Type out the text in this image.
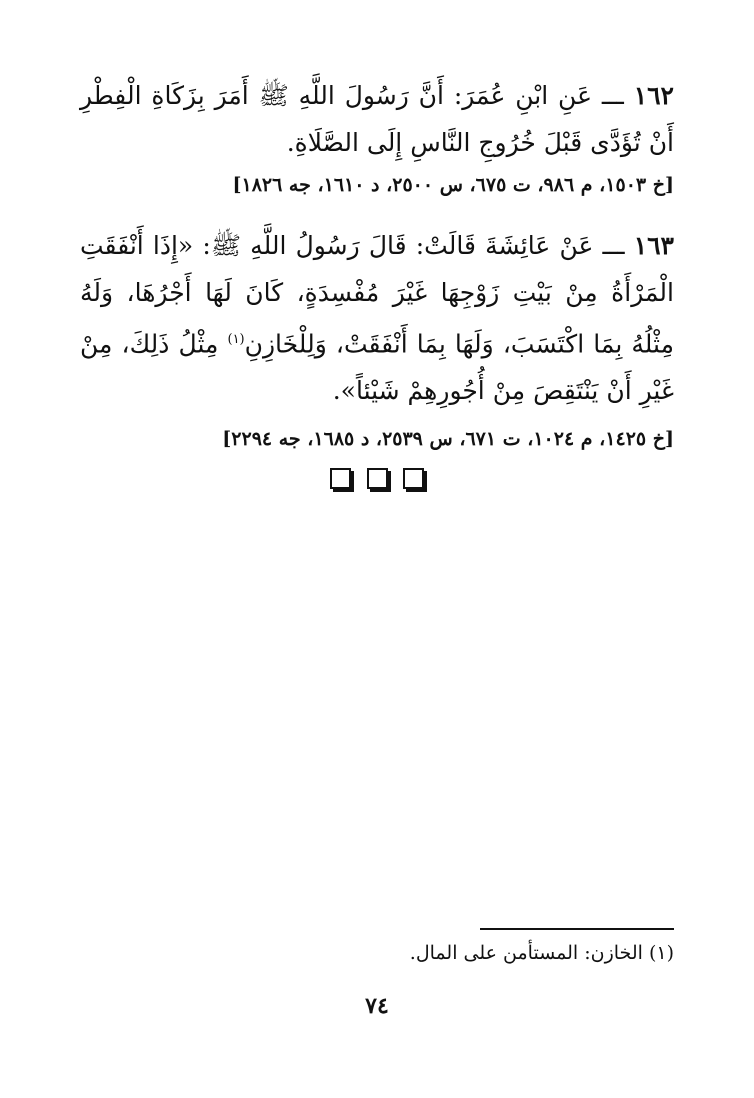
١٦٢ ـــ عَنِ ابْنِ عُمَرَ: أَنَّ رَسُولَ اللَّهِ ﷺ أَمَرَ بِزَكَاةِ الْفِطْرِ أَنْ تُؤَدَّى قَبْلَ خُرُوجِ النَّاسِ إِلَى الصَّلَاةِ.
[خ ١٥٠٣، م ٩٨٦، ت ٦٧٥، س ٢٥٠٠، د ١٦١٠، جه ١٨٢٦]
١٦٣ ـــ عَنْ عَائِشَةَ قَالَتْ: قَالَ رَسُولُ اللَّهِ ﷺ: «إِذَا أَنْفَقَتِ الْمَرْأَةُ مِنْ بَيْتِ زَوْجِهَا غَيْرَ مُفْسِدَةٍ، كَانَ لَهَا أَجْرُهَا، وَلَهُ مِثْلُهُ بِمَا اكْتَسَبَ، وَلَهَا بِمَا أَنْفَقَتْ، وَلِلْخَازِنِ$^{(١)}$ مِثْلُ ذَلِكَ، مِنْ غَيْرِ أَنْ يَنْتَقِصَ مِنْ أُجُورِهِمْ شَيْئاً».
[خ ١٤٢٥، م ١٠٢٤، ت ٦٧١، س ٢٥٣٩، د ١٦٨٥، جه ٢٢٩٤]

(١) الخازن: المستأمن على المال.
٧٤
